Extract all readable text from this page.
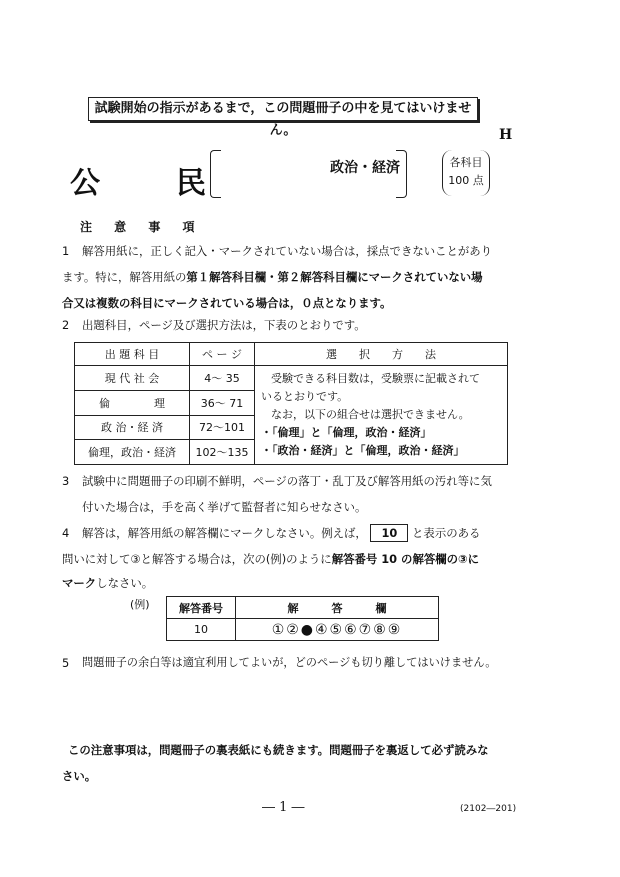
試験開始の指示があるまで，この問題冊子の中を見てはいけません。	H
公	民	政治・経済	各科目
100 点
注 意 事 項
1	解答用紙に，正しく記入・マークされていない場合は，採点できないことがあり
ます。特に，解答用紙の第１解答科目欄・第２解答科目欄にマークされていない場
合又は複数の科目にマークされている場合は，０点となります。
2	出題科目，ページ及び選択方法は，下表のとおりです。
出 題 科 目	ペ ー ジ	選　　択　　方　　法
現 代 社 会	4～ 35	受験できる科目数は，受験票に記載されて
いるとおりです。
なお，以下の組合せは選択できません。
・「倫理」と「倫理，政治・経済」
・「政治・経済」と「倫理，政治・経済」

倫　　　　理	36～ 71	
政 治・経 済	72～101	
倫理，政治・経済	102～135	
3	試験中に問題冊子の印刷不鮮明，ページの落丁・乱丁及び解答用紙の汚れ等に気
付いた場合は，手を高く挙げて監督者に知らせなさい。
4	解答は，解答用紙の解答欄にマークしなさい。例えば， 10 と表示のある
問いに対して③と解答する場合は，次の(例)のように解答番号 10 の解答欄の③に
マークしなさい。
(例)	解答番号	解　　　答　　　欄
10	①②●④⑤⑥⑦⑧⑨
5	問題冊子の余白等は適宜利用してよいが，どのページも切り離してはいけません。
この注意事項は，問題冊子の裏表紙にも続きます。問題冊子を裏返して必ず読みな
さい。
― 1 ―	(2102―201)
